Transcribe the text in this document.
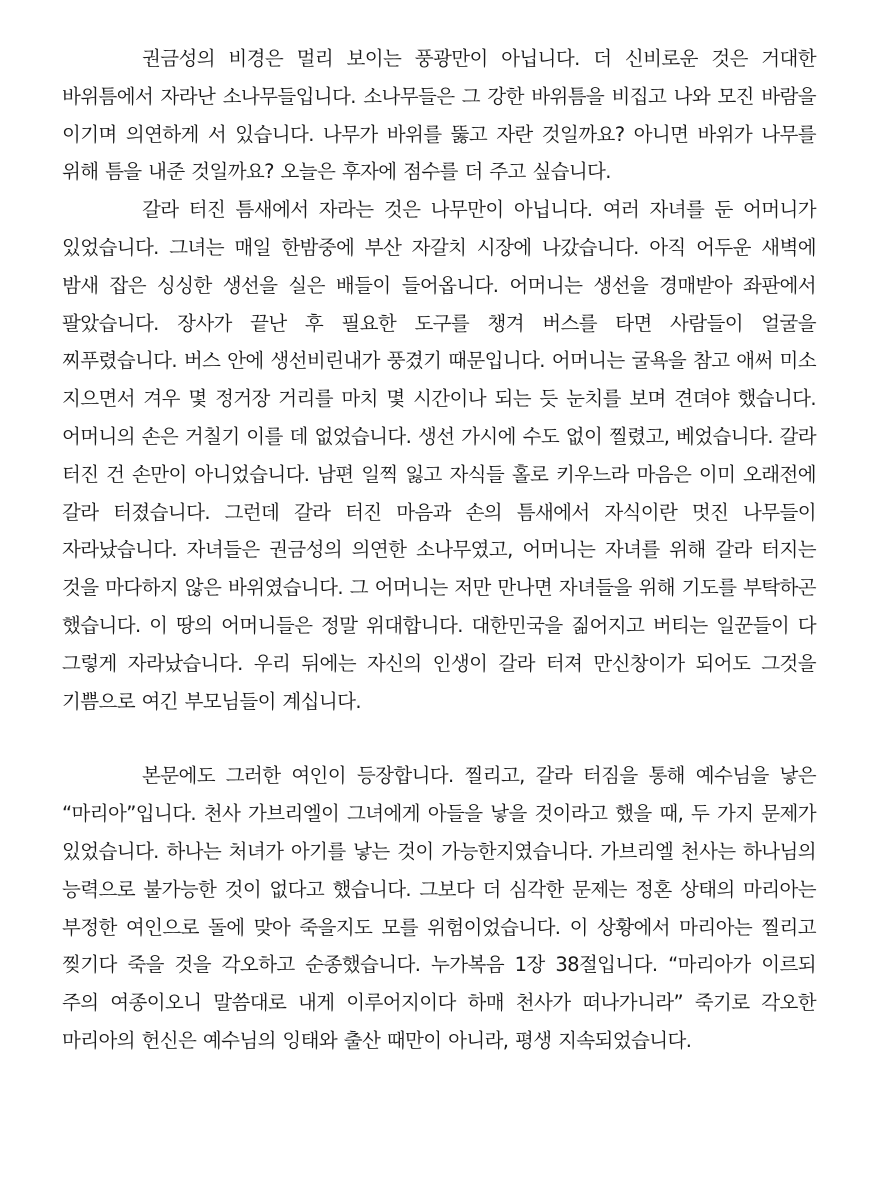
권금성의 비경은 멀리 보이는 풍광만이 아닙니다. 더 신비로운 것은 거대한 바위틈에서 자라난 소나무들입니다. 소나무들은 그 강한 바위틈을 비집고 나와 모진 바람을 이기며 의연하게 서 있습니다. 나무가 바위를 뚫고 자란 것일까요? 아니면 바위가 나무를 위해 틈을 내준 것일까요? 오늘은 후자에 점수를 더 주고 싶습니다.

갈라 터진 틈새에서 자라는 것은 나무만이 아닙니다. 여러 자녀를 둔 어머니가 있었습니다. 그녀는 매일 한밤중에 부산 자갈치 시장에 나갔습니다. 아직 어두운 새벽에 밤새 잡은 싱싱한 생선을 실은 배들이 들어옵니다. 어머니는 생선을 경매받아 좌판에서 팔았습니다. 장사가 끝난 후 필요한 도구를 챙겨 버스를 타면 사람들이 얼굴을 찌푸렸습니다. 버스 안에 생선비린내가 풍겼기 때문입니다. 어머니는 굴욕을 참고 애써 미소 지으면서 겨우 몇 정거장 거리를 마치 몇 시간이나 되는 듯 눈치를 보며 견뎌야 했습니다. 어머니의 손은 거칠기 이를 데 없었습니다. 생선 가시에 수도 없이 찔렸고, 베었습니다. 갈라 터진 건 손만이 아니었습니다. 남편 일찍 잃고 자식들 홀로 키우느라 마음은 이미 오래전에 갈라 터졌습니다. 그런데 갈라 터진 마음과 손의 틈새에서 자식이란 멋진 나무들이 자라났습니다. 자녀들은 권금성의 의연한 소나무였고, 어머니는 자녀를 위해 갈라 터지는 것을 마다하지 않은 바위였습니다. 그 어머니는 저만 만나면 자녀들을 위해 기도를 부탁하곤 했습니다. 이 땅의 어머니들은 정말 위대합니다. 대한민국을 짊어지고 버티는 일꾼들이 다 그렇게 자라났습니다. 우리 뒤에는 자신의 인생이 갈라 터져 만신창이가 되어도 그것을 기쁨으로 여긴 부모님들이 계십니다.

본문에도 그러한 여인이 등장합니다. 찔리고, 갈라 터짐을 통해 예수님을 낳은 “마리아”입니다. 천사 가브리엘이 그녀에게 아들을 낳을 것이라고 했을 때, 두 가지 문제가 있었습니다. 하나는 처녀가 아기를 낳는 것이 가능한지였습니다. 가브리엘 천사는 하나님의 능력으로 불가능한 것이 없다고 했습니다. 그보다 더 심각한 문제는 정혼 상태의 마리아는 부정한 여인으로 돌에 맞아 죽을지도 모를 위험이었습니다. 이 상황에서 마리아는 찔리고 찢기다 죽을 것을 각오하고 순종했습니다. 누가복음 1장 38절입니다. “마리아가 이르되 주의 여종이오니 말씀대로 내게 이루어지이다 하매 천사가 떠나가니라” 죽기로 각오한 마리아의 헌신은 예수님의 잉태와 출산 때만이 아니라, 평생 지속되었습니다.
